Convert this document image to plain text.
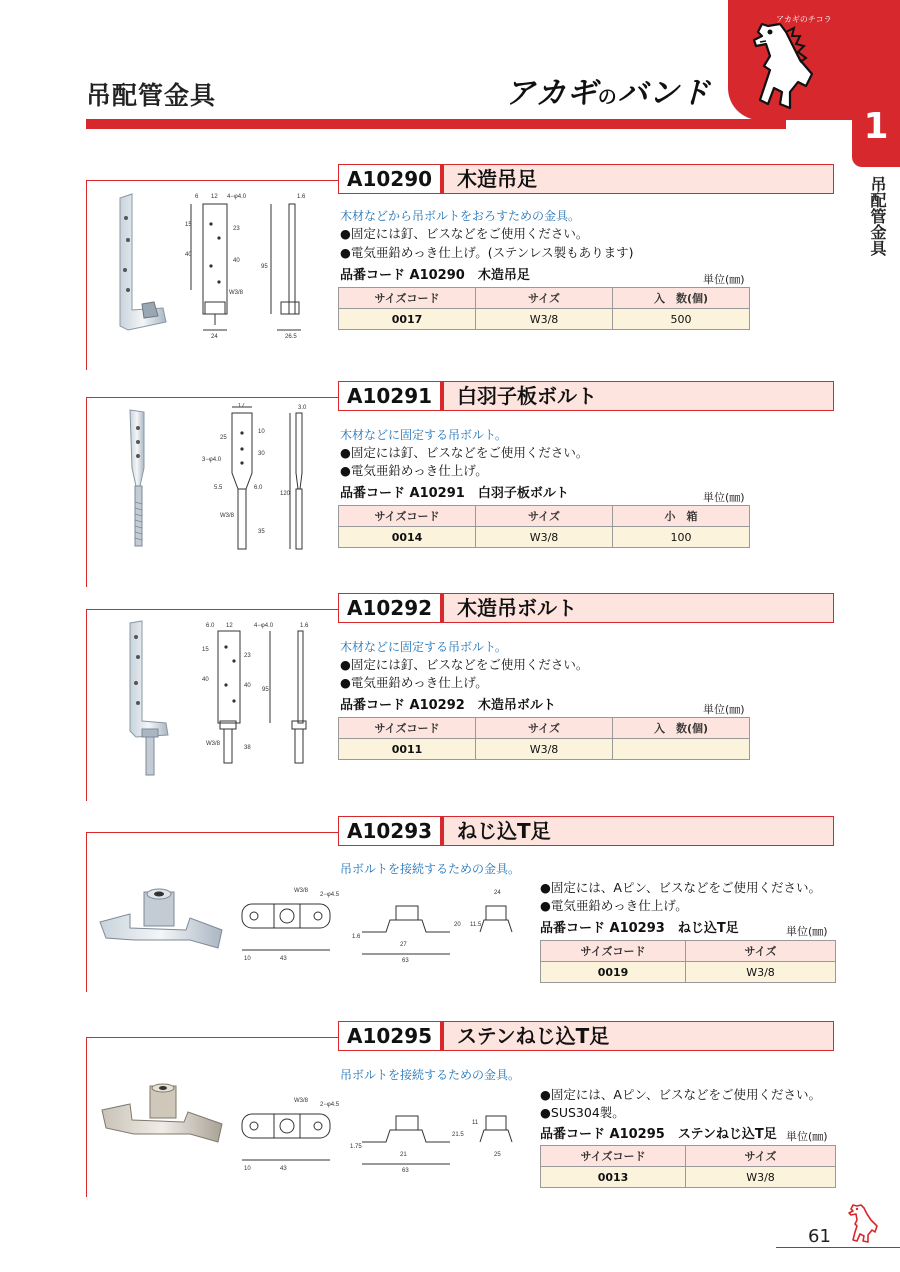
アカギのチコラ
吊配管金具	アカギのバンド
1
吊配管金具
A10290	木造吊足
6 12 4−φ4.0
15
23
40
40
95
W3/8
24
1.6
26.5
木材などから吊ボルトをおろすための金具。
●固定には釘、ビスなどをご使用ください。
●電気亜鉛めっき仕上げ。(ステンレス製もあります)
品番コード A10290　木造吊足	単位(㎜)
サイズコード	サイズ	入　数(個)
0017	W3/8	500
A10291	白羽子板ボルト
17	3.0
25
10
3−φ4.0
30
5.5	6.0
120
W3/8
35
木材などに固定する吊ボルト。
●固定には釘、ビスなどをご使用ください。
●電気亜鉛めっき仕上げ。
品番コード A10291　白羽子板ボルト	単位(㎜)
サイズコード	サイズ	小　箱
0014	W3/8	100
A10292	木造吊ボルト
6.0 12	4−φ4.0	1.6
15
23
40
40
95
W3/8
38
木材などに固定する吊ボルト。
●固定には釘、ビスなどをご使用ください。
●電気亜鉛めっき仕上げ。
品番コード A10292　木造吊ボルト	単位(㎜)
サイズコード	サイズ	入　数(個)
0011	W3/8	
A10293	ねじ込T足
吊ボルトを接続するための金具。
W3/8
2−φ4.5
10	43
1.6
27
20
63
24
11.5
●固定には、Aピン、ビスなどをご使用ください。
●電気亜鉛めっき仕上げ。
品番コード A10293　ねじ込T足	単位(㎜)
サイズコード	サイズ
0019	W3/8
A10295	ステンねじ込T足
吊ボルトを接続するための金具。
W3/8
2−φ4.5
10	43
1.75
21
21.5
63
11
25
●固定には、Aピン、ビスなどをご使用ください。
●SUS304製。
品番コード A10295　ステンねじ込T足 単位(㎜)
サイズコード	サイズ
0013	W3/8
61
